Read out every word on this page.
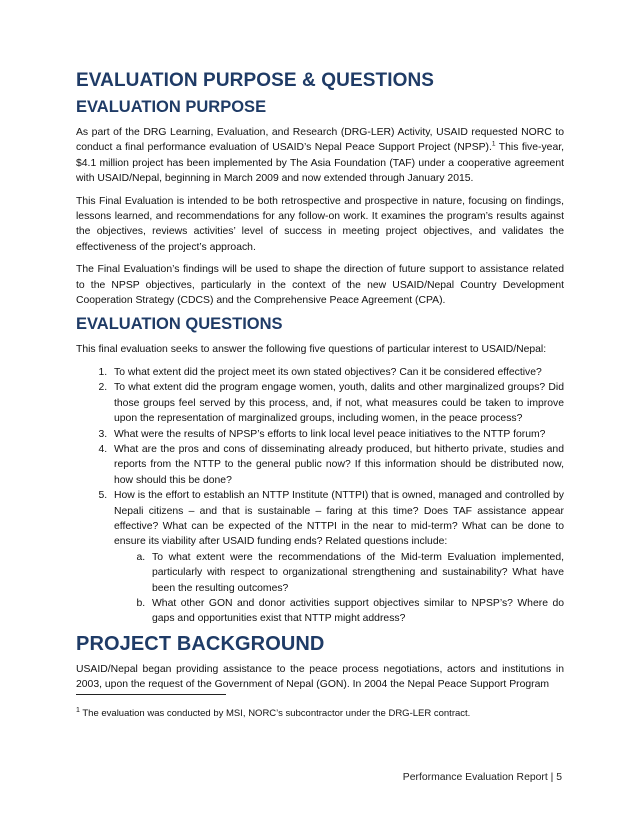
EVALUATION PURPOSE & QUESTIONS
EVALUATION PURPOSE

As part of the DRG Learning, Evaluation, and Research (DRG-LER) Activity, USAID requested NORC to conduct a final performance evaluation of USAID’s Nepal Peace Support Project (NPSP).$^1$ This five-year, $4.1 million project has been implemented by The Asia Foundation (TAF) under a cooperative agreement with USAID/Nepal, beginning in March 2009 and now extended through January 2015.

This Final Evaluation is intended to be both retrospective and prospective in nature, focusing on findings, lessons learned, and recommendations for any follow-on work. It examines the program’s results against the objectives, reviews activities’ level of success in meeting project objectives, and validates the effectiveness of the project’s approach.

The Final Evaluation’s findings will be used to shape the direction of future support to assistance related to the NPSP objectives, particularly in the context of the new USAID/Nepal Country Development Cooperation Strategy (CDCS) and the Comprehensive Peace Agreement (CPA).

EVALUATION QUESTIONS

This final evaluation seeks to answer the following five questions of particular interest to USAID/Nepal:

1. To what extent did the project meet its own stated objectives? Can it be considered effective?
2. To what extent did the program engage women, youth, dalits and other marginalized groups? Did those groups feel served by this process, and, if not, what measures could be taken to improve upon the representation of marginalized groups, including women, in the peace process?
3. What were the results of NPSP’s efforts to link local level peace initiatives to the NTTP forum?
4. What are the pros and cons of disseminating already produced, but hitherto private, studies and reports from the NTTP to the general public now? If this information should be distributed now, how should this be done?
5. How is the effort to establish an NTTP Institute (NTTPI) that is owned, managed and controlled by Nepali citizens – and that is sustainable – faring at this time? Does TAF assistance appear effective? What can be expected of the NTTPI in the near to mid-term? What can be done to ensure its viability after USAID funding ends? Related questions include:
a. To what extent were the recommendations of the Mid-term Evaluation implemented, particularly with respect to organizational strengthening and sustainability? What have been the resulting outcomes?
b. What other GON and donor activities support objectives similar to NPSP’s? Where do gaps and opportunities exist that NTTP might address?
PROJECT BACKGROUND

USAID/Nepal began providing assistance to the peace process negotiations, actors and institutions in 2003, upon the request of the Government of Nepal (GON). In 2004 the Nepal Peace Support Program

$^1$ The evaluation was conducted by MSI, NORC’s subcontractor under the DRG-LER contract.
Performance Evaluation Report | 5
